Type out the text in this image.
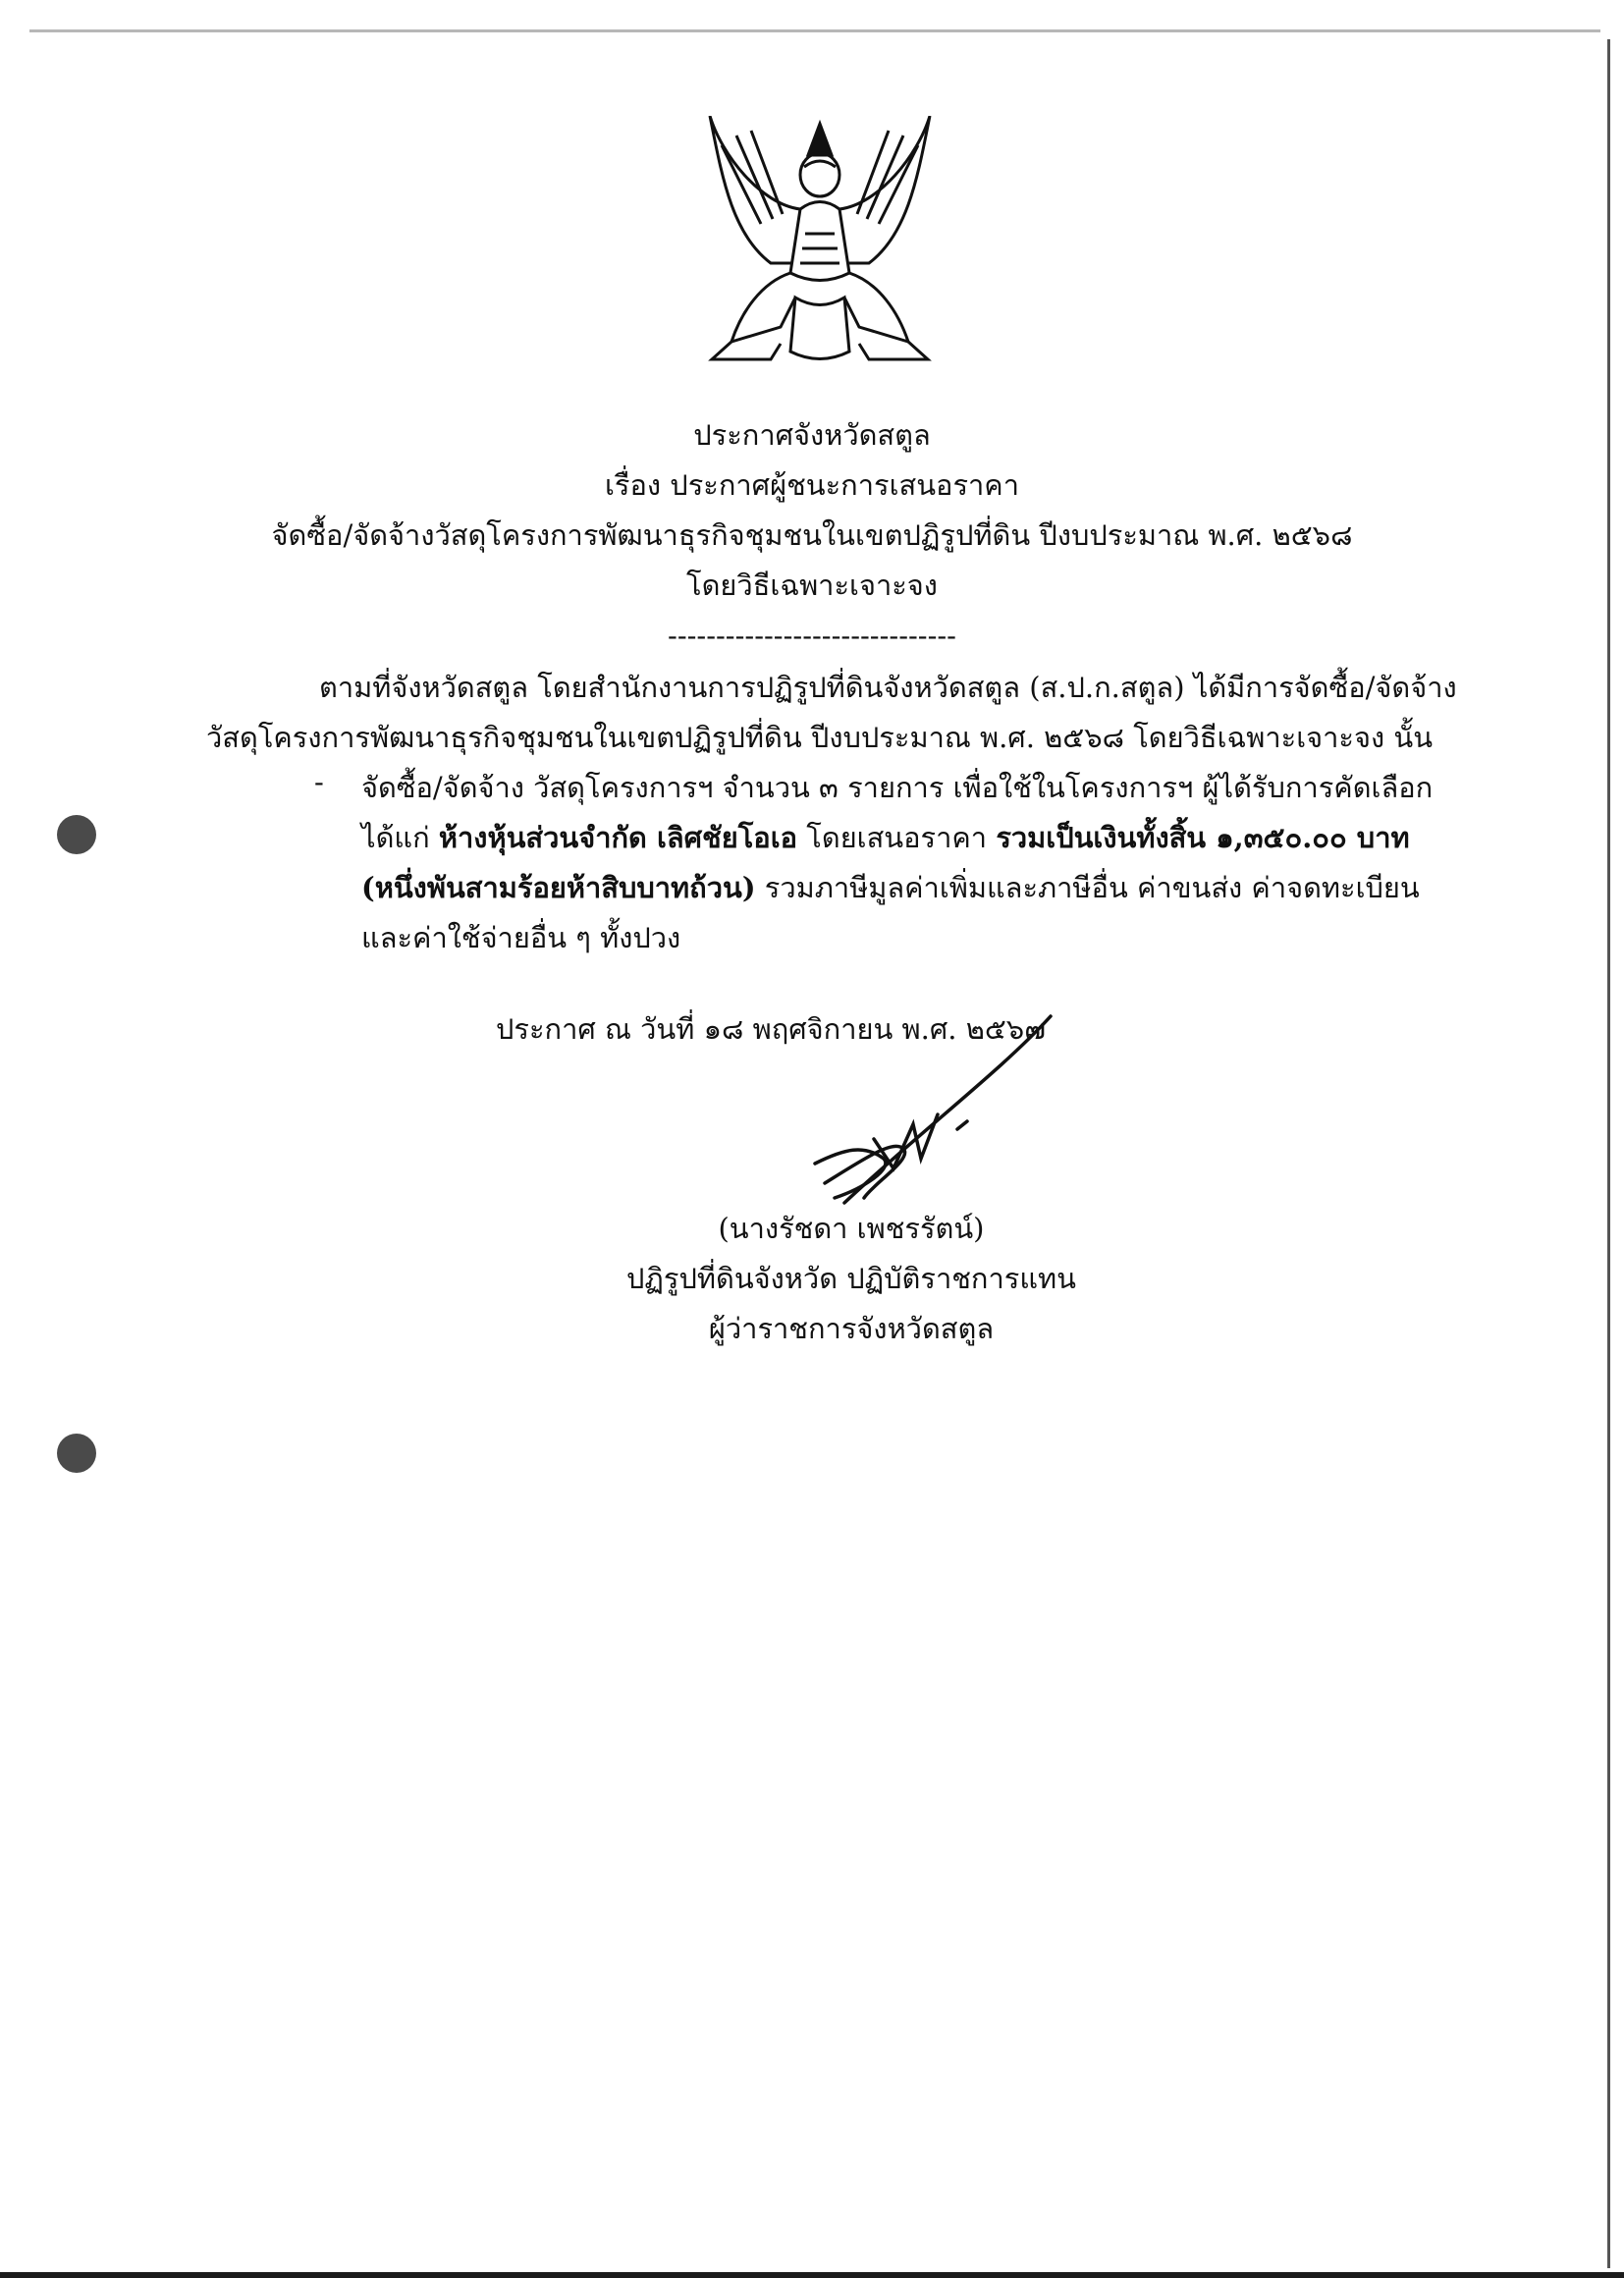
ประกาศจังหวัดสตูล
เรื่อง ประกาศผู้ชนะการเสนอราคา
จัดซื้อ/จัดจ้างวัสดุโครงการพัฒนาธุรกิจชุมชนในเขตปฏิรูปที่ดิน ปีงบประมาณ พ.ศ. ๒๕๖๘
โดยวิธีเฉพาะเจาะจง
------------------------------
ตามที่จังหวัดสตูล โดยสำนักงานการปฏิรูปที่ดินจังหวัดสตูล (ส.ป.ก.สตูล) ได้มีการจัดซื้อ/จัดจ้าง
วัสดุโครงการพัฒนาธุรกิจชุมชนในเขตปฏิรูปที่ดิน ปีงบประมาณ พ.ศ. ๒๕๖๘ โดยวิธีเฉพาะเจาะจง นั้น
- จัดซื้อ/จัดจ้าง วัสดุโครงการฯ จำนวน ๓ รายการ เพื่อใช้ในโครงการฯ ผู้ได้รับการคัดเลือก
ได้แก่ ห้างหุ้นส่วนจำกัด เลิศชัยโอเอ โดยเสนอราคา รวมเป็นเงินทั้งสิ้น ๑,๓๕๐.๐๐ บาท
(หนึ่งพันสามร้อยห้าสิบบาทถ้วน) รวมภาษีมูลค่าเพิ่มและภาษีอื่น ค่าขนส่ง ค่าจดทะเบียน
และค่าใช้จ่ายอื่น ๆ ทั้งปวง
ประกาศ ณ วันที่ ๑๘ พฤศจิกายน พ.ศ. ๒๕๖๗
(นางรัชดา เพชรรัตน์)
ปฏิรูปที่ดินจังหวัด ปฏิบัติราชการแทน
ผู้ว่าราชการจังหวัดสตูล
